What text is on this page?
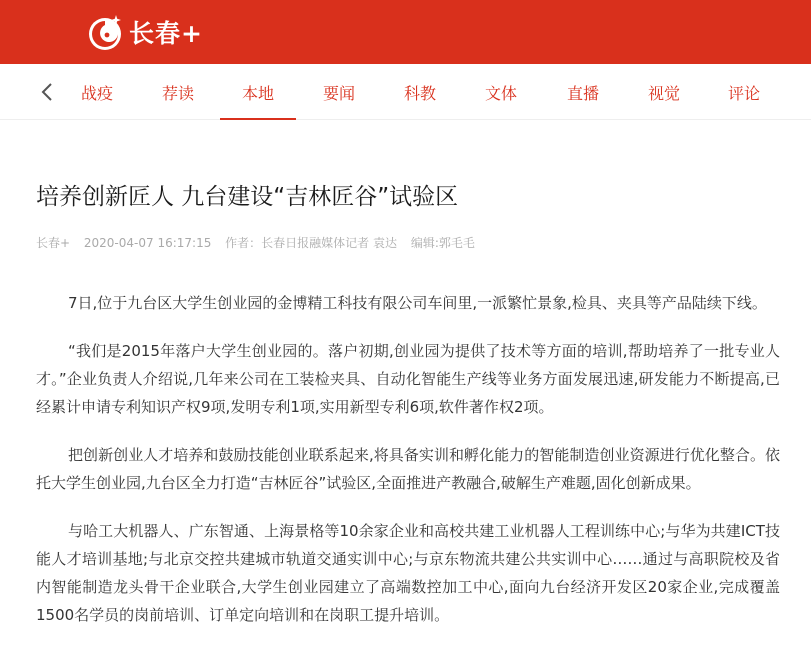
长春+
战疫	荐读	本地	要闻	科教	文体	直播	视觉	评论
培养创新匠人 九台建设“吉林匠谷”试验区
长春+ 2020-04-07 16:17:15 作者：长春日报融媒体记者 袁达 编辑:郭毛毛

7日,位于九台区大学生创业园的金博精工科技有限公司车间里,一派繁忙景象,检具、夹具等产品陆续下线。

“我们是2015年落户大学生创业园的。落户初期,创业园为提供了技术等方面的培训,帮助培养了一批专业人才。”企业负责人介绍说,几年来公司在工装检夹具、自动化智能生产线等业务方面发展迅速,研发能力不断提高,已经累计申请专利知识产权9项,发明专利1项,实用新型专利6项,软件著作权2项。

把创新创业人才培养和鼓励技能创业联系起来,将具备实训和孵化能力的智能制造创业资源进行优化整合。依托大学生创业园,九台区全力打造“吉林匠谷”试验区,全面推进产教融合,破解生产难题,固化创新成果。

与哈工大机器人、广东智通、上海景格等10余家企业和高校共建工业机器人工程训练中心;与华为共建ICT技能人才培训基地;与北京交控共建城市轨道交通实训中心;与京东物流共建公共实训中心……通过与高职院校及省内智能制造龙头骨干企业联合,大学生创业园建立了高端数控加工中心,面向九台经济开发区20家企业,完成覆盖1500名学员的岗前培训、订单定向培训和在岗职工提升培训。
